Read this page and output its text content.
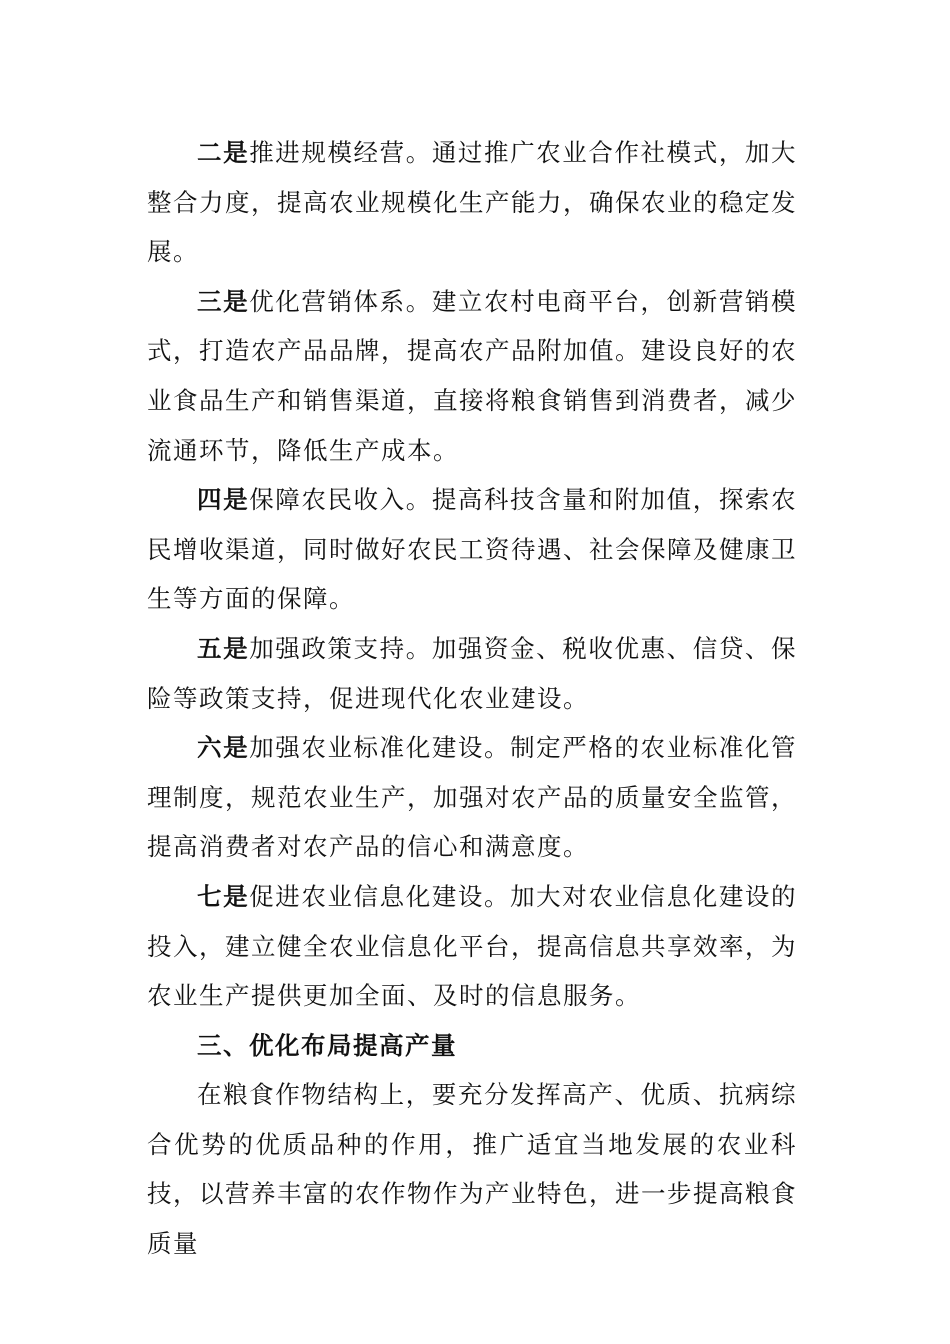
二是推进规模经营。通过推广农业合作社模式，加大整合力度，提高农业规模化生产能力，确保农业的稳定发展。

三是优化营销体系。建立农村电商平台，创新营销模式，打造农产品品牌，提高农产品附加值。建设良好的农业食品生产和销售渠道，直接将粮食销售到消费者，减少流通环节，降低生产成本。

四是保障农民收入。提高科技含量和附加值，探索农民增收渠道，同时做好农民工资待遇、社会保障及健康卫生等方面的保障。

五是加强政策支持。加强资金、税收优惠、信贷、保险等政策支持，促进现代化农业建设。

六是加强农业标准化建设。制定严格的农业标准化管理制度，规范农业生产，加强对农产品的质量安全监管，提高消费者对农产品的信心和满意度。

七是促进农业信息化建设。加大对农业信息化建设的投入，建立健全农业信息化平台，提高信息共享效率，为农业生产提供更加全面、及时的信息服务。

三、优化布局提高产量

在粮食作物结构上，要充分发挥高产、优质、抗病综合优势的优质品种的作用，推广适宜当地发展的农业科技，以营养丰富的农作物作为产业特色，进一步提高粮食质量
